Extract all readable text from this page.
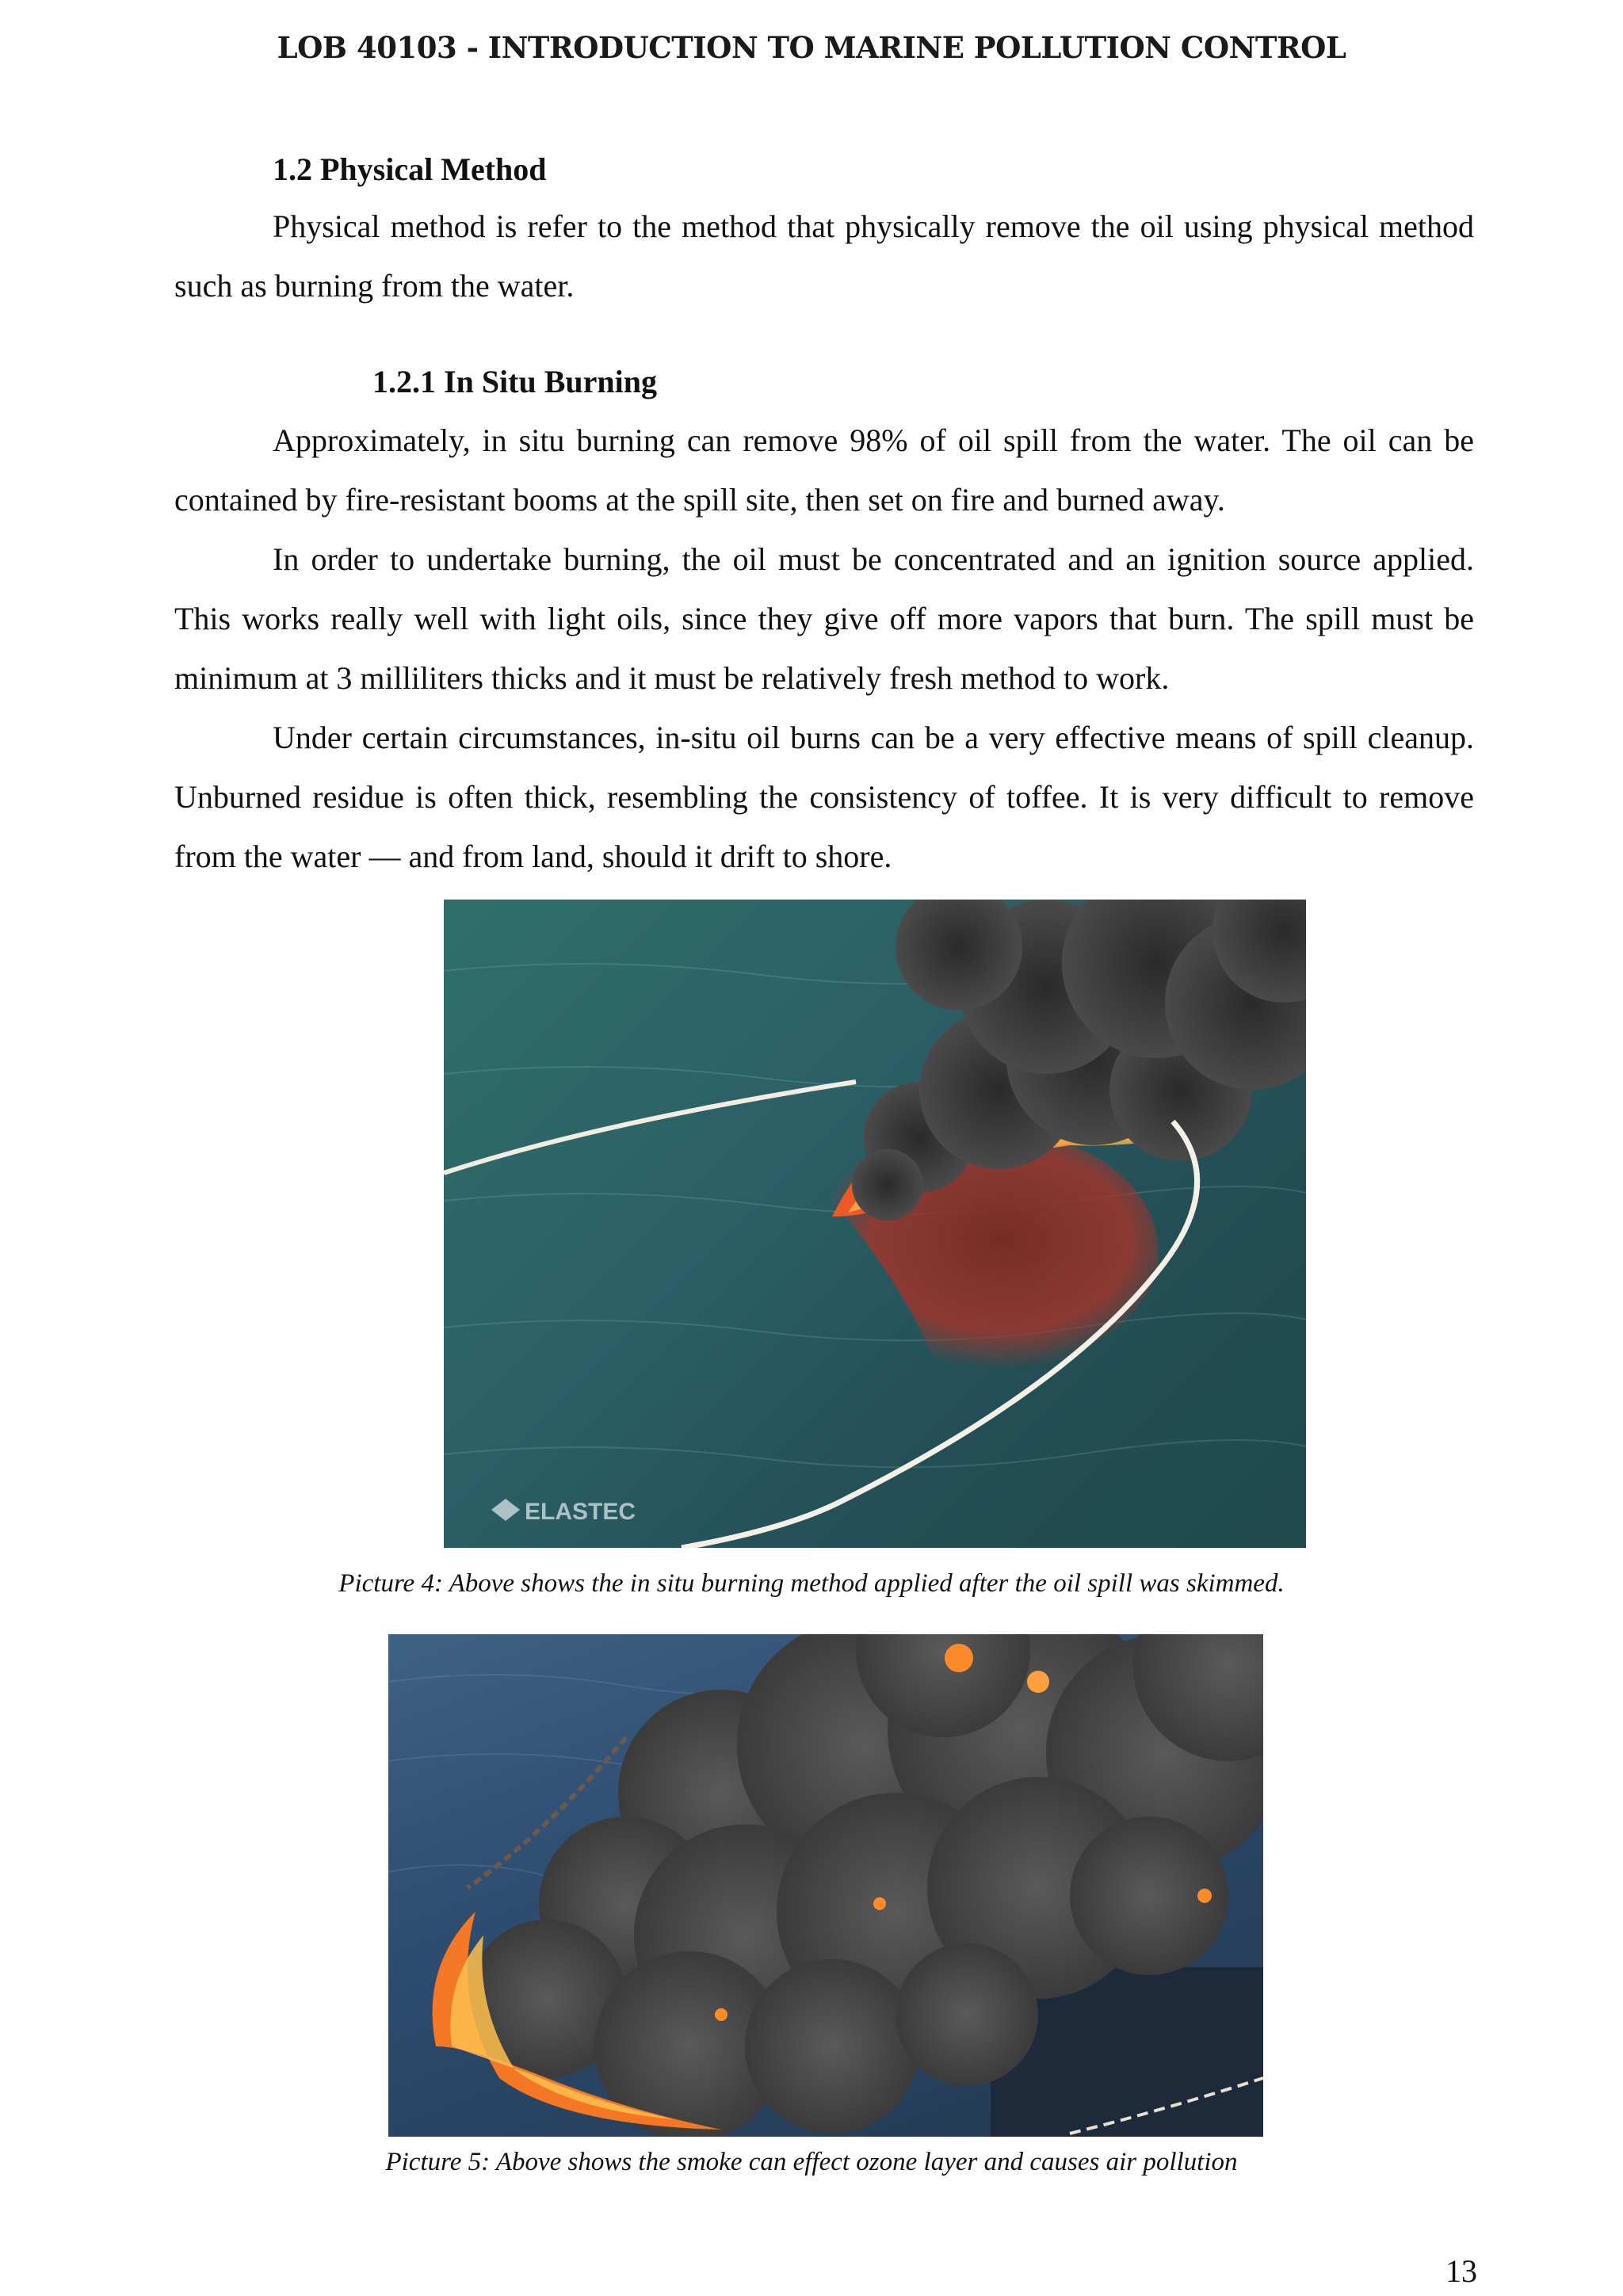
LOB 40103 - INTRODUCTION TO MARINE POLLUTION CONTROL
1.2 Physical Method

Physical method is refer to the method that physically remove the oil using physical method such as burning from the water.

1.2.1 In Situ Burning

Approximately, in situ burning can remove 98% of oil spill from the water. The oil can be contained by fire-resistant booms at the spill site, then set on fire and burned away.

In order to undertake burning, the oil must be concentrated and an ignition source applied. This works really well with light oils, since they give off more vapors that burn. The spill must be minimum at 3 milliliters thicks and it must be relatively fresh method to work.

Under certain circumstances, in-situ oil burns can be a very effective means of spill cleanup. Unburned residue is often thick, resembling the consistency of toffee. It is very difficult to remove from the water — and from land, should it drift to shore.

ELASTEC
Picture 4: Above shows the in situ burning method applied after the oil spill was skimmed.
Picture 5: Above shows the smoke can effect ozone layer and causes air pollution
13
